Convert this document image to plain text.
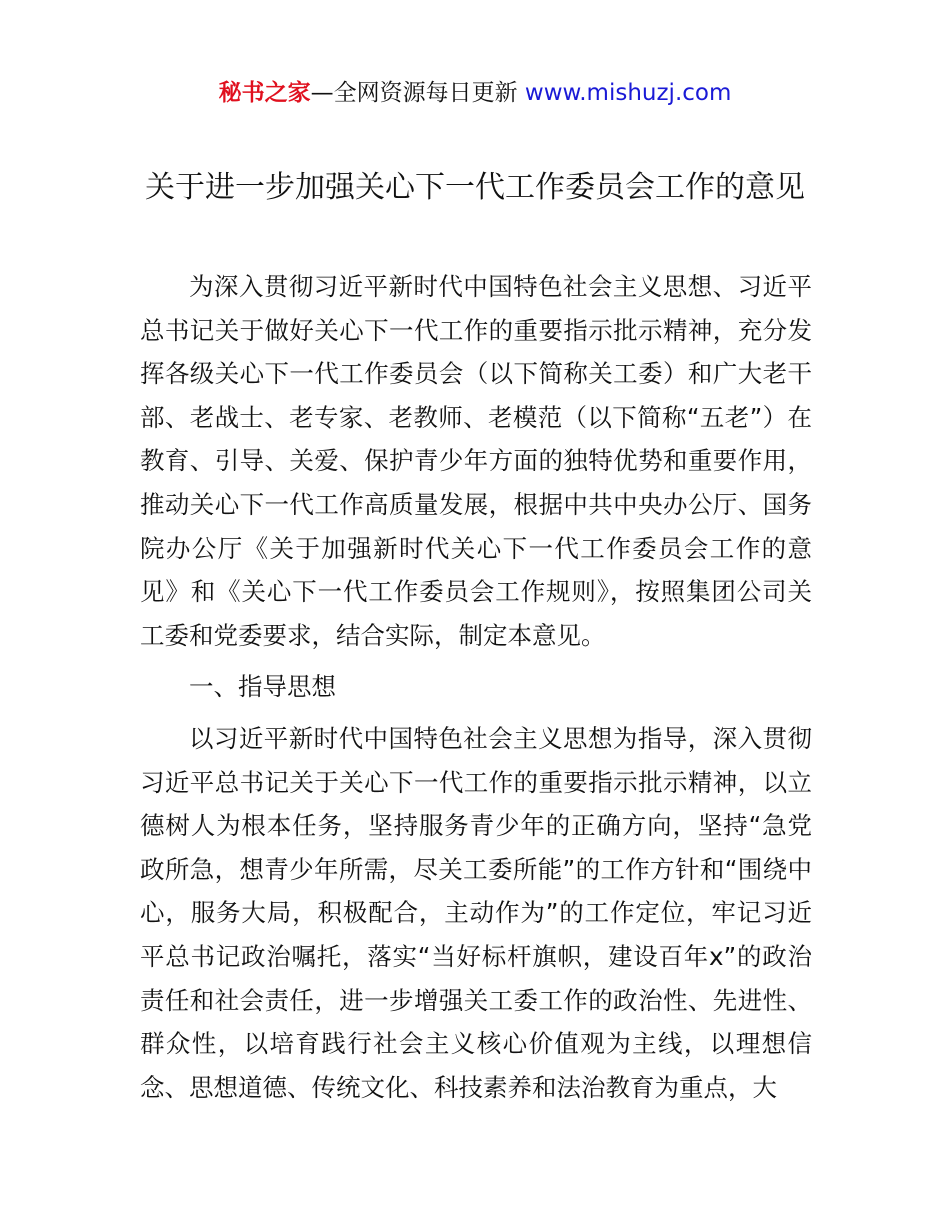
秘书之家—全网资源每日更新 www.mishuzj.com
关于进一步加强关心下一代工作委员会工作的意见

为深入贯彻习近平新时代中国特色社会主义思想、习近平总书记关于做好关心下一代工作的重要指示批示精神，充分发挥各级关心下一代工作委员会（以下简称关工委）和广大老干部、老战士、老专家、老教师、老模范（以下简称“五老”）在教育、引导、关爱、保护青少年方面的独特优势和重要作用，推动关心下一代工作高质量发展，根据中共中央办公厅、国务院办公厅《关于加强新时代关心下一代工作委员会工作的意见》和《关心下一代工作委员会工作规则》，按照集团公司关工委和党委要求，结合实际，制定本意见。

一、指导思想

以习近平新时代中国特色社会主义思想为指导，深入贯彻习近平总书记关于关心下一代工作的重要指示批示精神，以立德树人为根本任务，坚持服务青少年的正确方向，坚持“急党政所急，想青少年所需，尽关工委所能”的工作方针和“围绕中心，服务大局，积极配合，主动作为”的工作定位，牢记习近平总书记政治嘱托，落实“当好标杆旗帜，建设百年x”的政治责任和社会责任，进一步增强关工委工作的政治性、先进性、群众性，以培育践行社会主义核心价值观为主线，以理想信念、思想道德、传统文化、科技素养和法治教育为重点，大
